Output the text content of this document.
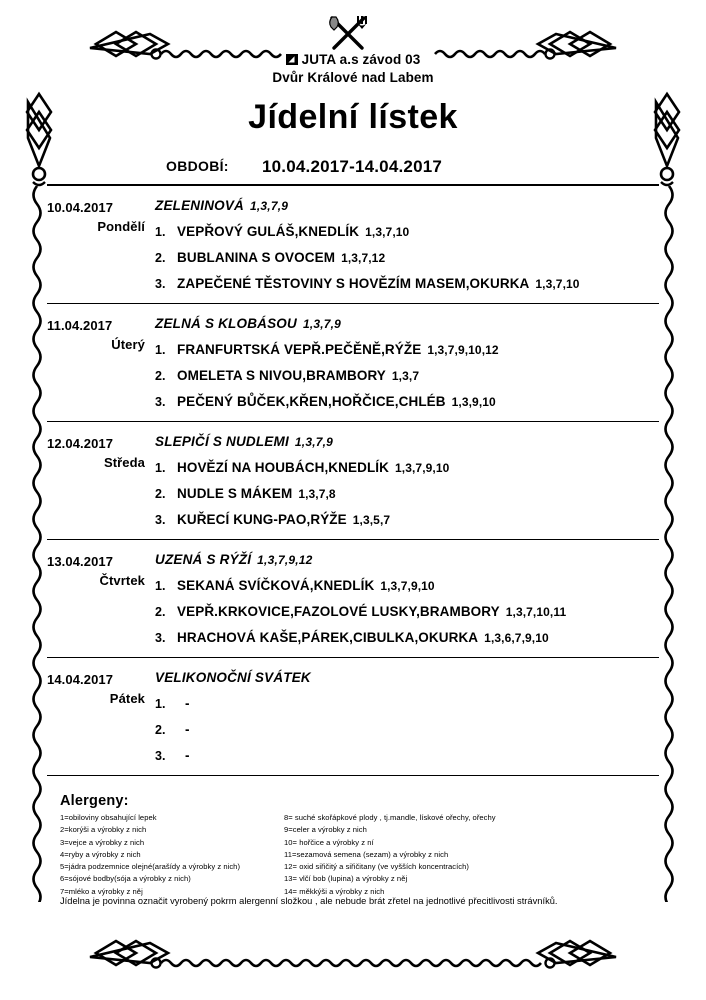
JUTA a.s závod 03
Dvůr Králové nad Labem
Jídelní lístek
OBDOBÍ: 10.04.2017-14.04.2017
10.04.2017
Pondělí
ZELENINOVÁ 1,3,7,9
1. VEPŘOVÝ GULÁŠ,KNEDLÍK 1,3,7,10
2. BUBLANINA S OVOCEM 1,3,7,12
3. ZAPEČENÉ TĚSTOVINY S HOVĚZÍM MASEM,OKURKA 1,3,7,10
11.04.2017
Úterý
ZELNÁ S KLOBÁSOU 1,3,7,9
1. FRANFURTSKÁ VEPŘ.PEČĚNĚ,RÝŽE 1,3,7,9,10,12
2. OMELETA S NIVOU,BRAMBORY 1,3,7
3. PEČENÝ BŮČEK,KŘEN,HOŘČICE,CHLÉB 1,3,9,10
12.04.2017
Středa
SLEPIČÍ S NUDLEMI 1,3,7,9
1. HOVĚZÍ NA HOUBÁCH,KNEDLÍK 1,3,7,9,10
2. NUDLE S MÁKEM 1,3,7,8
3. KUŘECÍ KUNG-PAO,RÝŽE 1,3,5,7
13.04.2017
Čtvrtek
UZENÁ S RÝŽÍ 1,3,7,9,12
1. SEKANÁ SVÍČKOVÁ,KNEDLÍK 1,3,7,9,10
2. VEPŘ.KRKOVICE,FAZOLOVÉ LUSKY,BRAMBORY 1,3,7,10,11
3. HRACHOVÁ KAŠE,PÁREK,CIBULKA,OKURKA 1,3,6,7,9,10
14.04.2017
Pátek
VELIKONOČNÍ SVÁTEK
1. -
2. -
3. -
Alergeny:
1=obiloviny obsahující lepek
2=korýši a výrobky z nich
3=vejce a výrobky z nich
4=ryby a výrobky z nich
5=jádra podzemnice olejné(arašídy a výrobky z nich)
6=sójové bodby(sója a výrobky z nich)
7=mléko a výrobky z něj
8= suché skořápkové plody , tj.mandle, lískové ořechy, ořechy
9=celer a výrobky z nich
10= hořčice a výrobky z ní
11=sezamová semena (sezam) a výrobky z nich
12= oxid siřičitý a siřičitany (ve vyšších koncentracích)
13= vlčí bob (lupina) a výrobky z něj
14= měkkýši a výrobky z nich
Jídelna je povinna označit vyrobený pokrm alergenní složkou , ale nebude brát zřetel na jednotlivé přecitlivosti strávníků.
